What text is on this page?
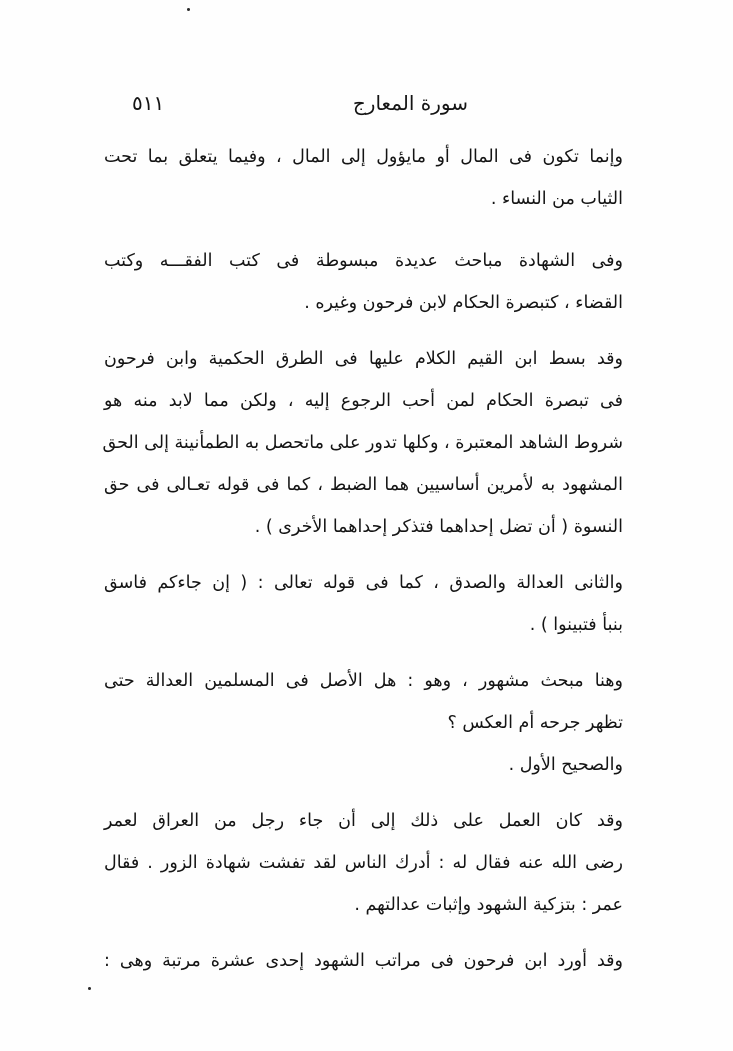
سورة المعارج
٥١١

وإنما تكون فى المال أو مايؤول إلى المال ، وفيما يتعلق بما تحت
الثياب من النساء .

وفى الشهادة مباحث عديدة مبسوطة فى كتب الفقـــه وكتب
القضاء ، كتبصرة الحكام لابن فرحون وغيره .

وقد بسط ابن القيم الكلام عليها فى الطرق الحكمية وابن فرحون
فى تبصرة الحكام لمن أحب الرجوع إليه ، ولكن مما لابد منه هو
شروط الشاهد المعتبرة ، وكلها تدور على ماتحصل به الطمأنينة إلى الحق
المشهود به لأمرين أساسيين هما الضبط ، كما فى قوله تعـالى فى حق
النسوة ( أن تضل إحداهما فتذكر إحداهما الأخرى ) .

والثانى العدالة والصدق ، كما فى قوله تعالى : ( إن جاءكم فاسق
بنبأ فتبينوا ) .

وهنا مبحث مشهور ، وهو : هل الأصل فى المسلمين العدالة حتى
تظهر جرحه أم العكس ؟
والصحيح الأول .

وقد كان العمل على ذلك إلى أن جاء رجل من العراق لعمر
رضى الله عنه فقال له : أدرك الناس لقد تفشت شهادة الزور . فقال
عمر : بتزكية الشهود وإثبات عدالتهم .

وقد أورد ابن فرحون فى مراتب الشهود إحدى عشرة مرتبة وهى :
